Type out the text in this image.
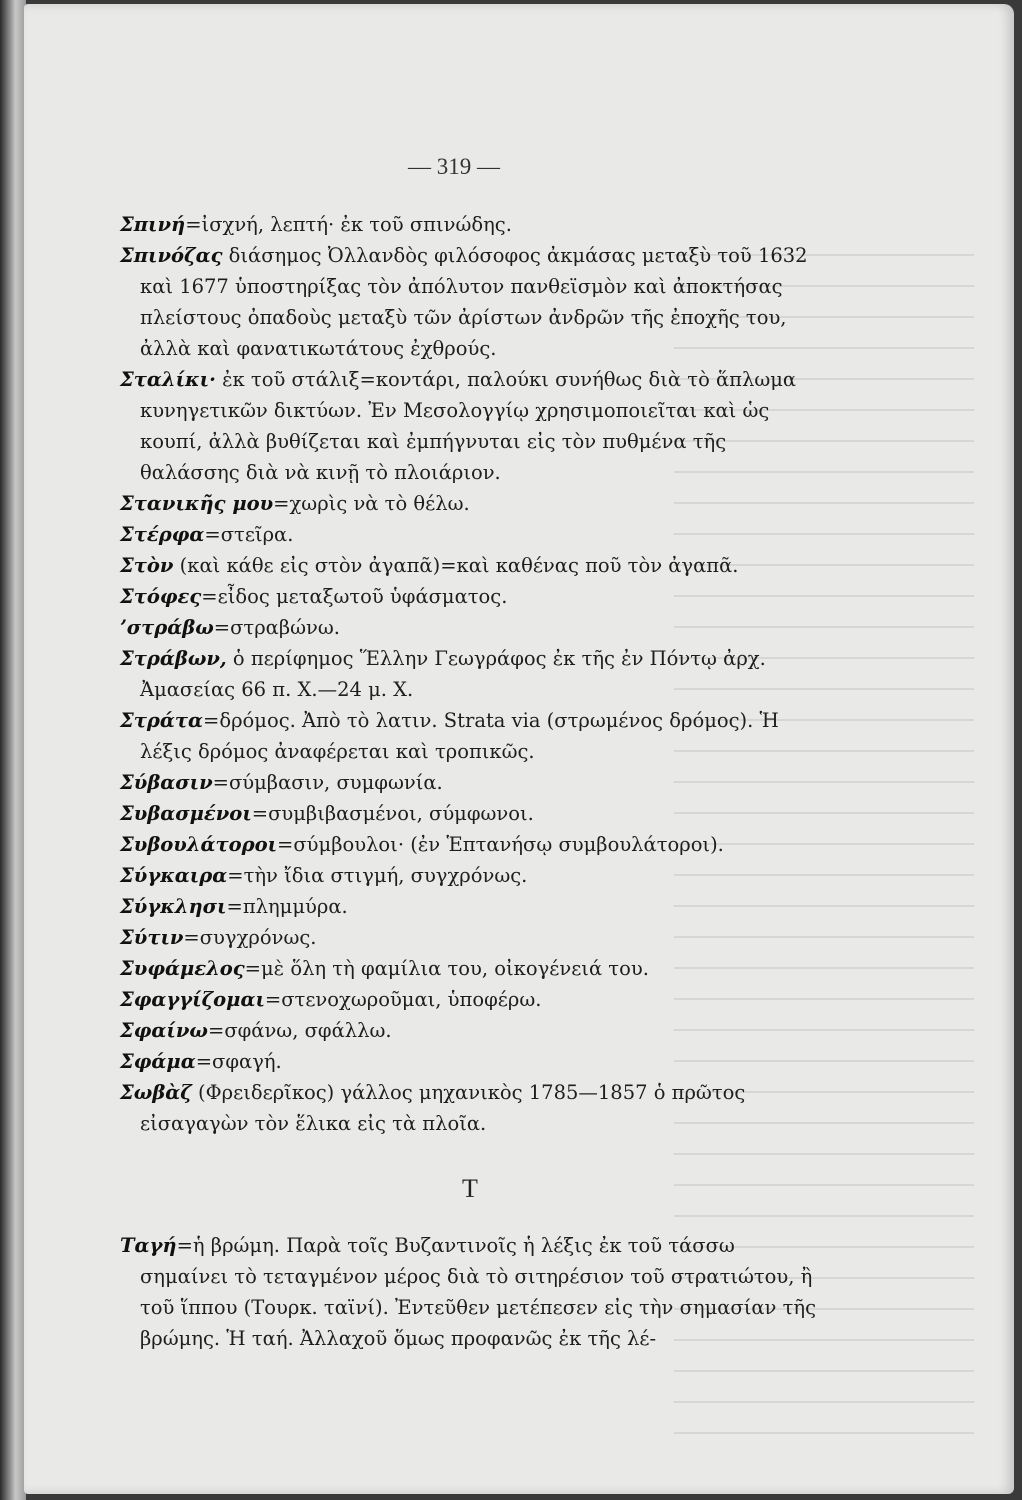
— 319 —

Σπινή=ἰσχνή, λεπτή· ἐκ τοῦ σπινώδης.

Σπινόζας διάσημος Ὀλλανδὸς φιλόσοφος ἀκμάσας μεταξὺ τοῦ 1632 καὶ 1677 ὑποστηρίξας τὸν ἀπόλυτον πανθεϊσμὸν καὶ ἀποκτήσας πλείστους ὀπαδοὺς μεταξὺ τῶν ἀρίστων ἀνδρῶν τῆς ἐποχῆς του, ἀλλὰ καὶ φανατικωτάτους ἐχθρούς.

Σταλίκι· ἐκ τοῦ στάλιξ=κοντάρι, παλούκι συνήθως διὰ τὸ ἅπλωμα κυνηγετικῶν δικτύων. Ἐν Μεσολογγίῳ χρησιμοποιεῖται καὶ ὡς κουπί, ἀλλὰ βυθίζεται καὶ ἐμπήγνυται εἰς τὸν πυθμένα τῆς θαλάσσης διὰ νὰ κινῇ τὸ πλοιάριον.

Στανικῆς μου=χωρὶς νὰ τὸ θέλω.

Στέρφα=στεῖρα.

Στὸν (καὶ κάθε εἰς στὸν ἀγαπᾶ)=καὶ καθένας ποῦ τὸν ἀγαπᾶ.

Στόφες=εἶδος μεταξωτοῦ ὑφάσματος.

ʼστράβω=στραβώνω.

Στράβων, ὁ περίφημος Ἕλλην Γεωγράφος ἐκ τῆς ἐν Πόντῳ ἀρχ. Ἀμασείας 66 π. Χ.—24 μ. Χ.

Στράτα=δρόμος. Ἀπὸ τὸ λατιν. Strata via (στρωμένος δρόμος). Ἡ λέξις δρόμος ἀναφέρεται καὶ τροπικῶς.

Σύβασιν=σύμβασιν, συμφωνία.

Συβασμένοι=συμβιβασμένοι, σύμφωνοι.

Συβουλάτοροι=σύμβουλοι· (ἐν Ἑπτανήσῳ συμβουλάτοροι).

Σύγκαιρα=τὴν ἴδια στιγμή, συγχρόνως.

Σύγκλησι=πλημμύρα.

Σύτιν=συγχρόνως.

Συφάμελος=μὲ ὅλη τὴ φαμίλια του, οἰκογένειά του.

Σφαγγίζομαι=στενοχωροῦμαι, ὑποφέρω.

Σφαίνω=σφάνω, σφάλλω.

Σφάμα=σφαγή.

Σωβὰζ (Φρειδερῖκος) γάλλος μηχανικὸς 1785—1857 ὁ πρῶτος εἰσαγαγὼν τὸν ἕλικα εἰς τὰ πλοῖα.

Τ

Ταγή=ἡ βρώμη. Παρὰ τοῖς Βυζαντινοῖς ἡ λέξις ἐκ τοῦ τάσσω σημαίνει τὸ τεταγμένον μέρος διὰ τὸ σιτηρέσιον τοῦ στρατιώτου, ἢ τοῦ ἵππου (Τουρκ. ταϊνί). Ἐντεῦθεν μετέπεσεν εἰς τὴν σημασίαν τῆς βρώμης. Ἡ ταή. Ἀλλαχοῦ ὅμως προφανῶς ἐκ τῆς λέ-
